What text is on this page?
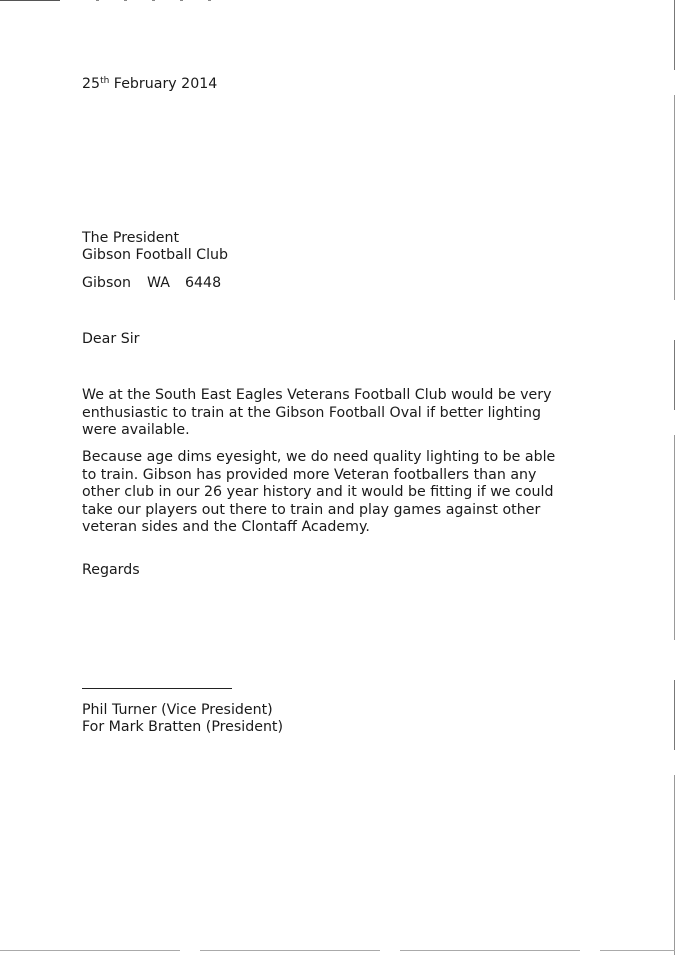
25th February 2014
The President
Gibson Football Club
Gibson WA 6448
Dear Sir
We at the South East Eagles Veterans Football Club would be very enthusiastic to train at the Gibson Football Oval if better lighting were available.
Because age dims eyesight, we do need quality lighting to be able to train. Gibson has provided more Veteran footballers than any other club in our 26 year history and it would be fitting if we could take our players out there to train and play games against other veteran sides and the Clontaff Academy.
Regards
Phil Turner (Vice President)
For Mark Bratten (President)
